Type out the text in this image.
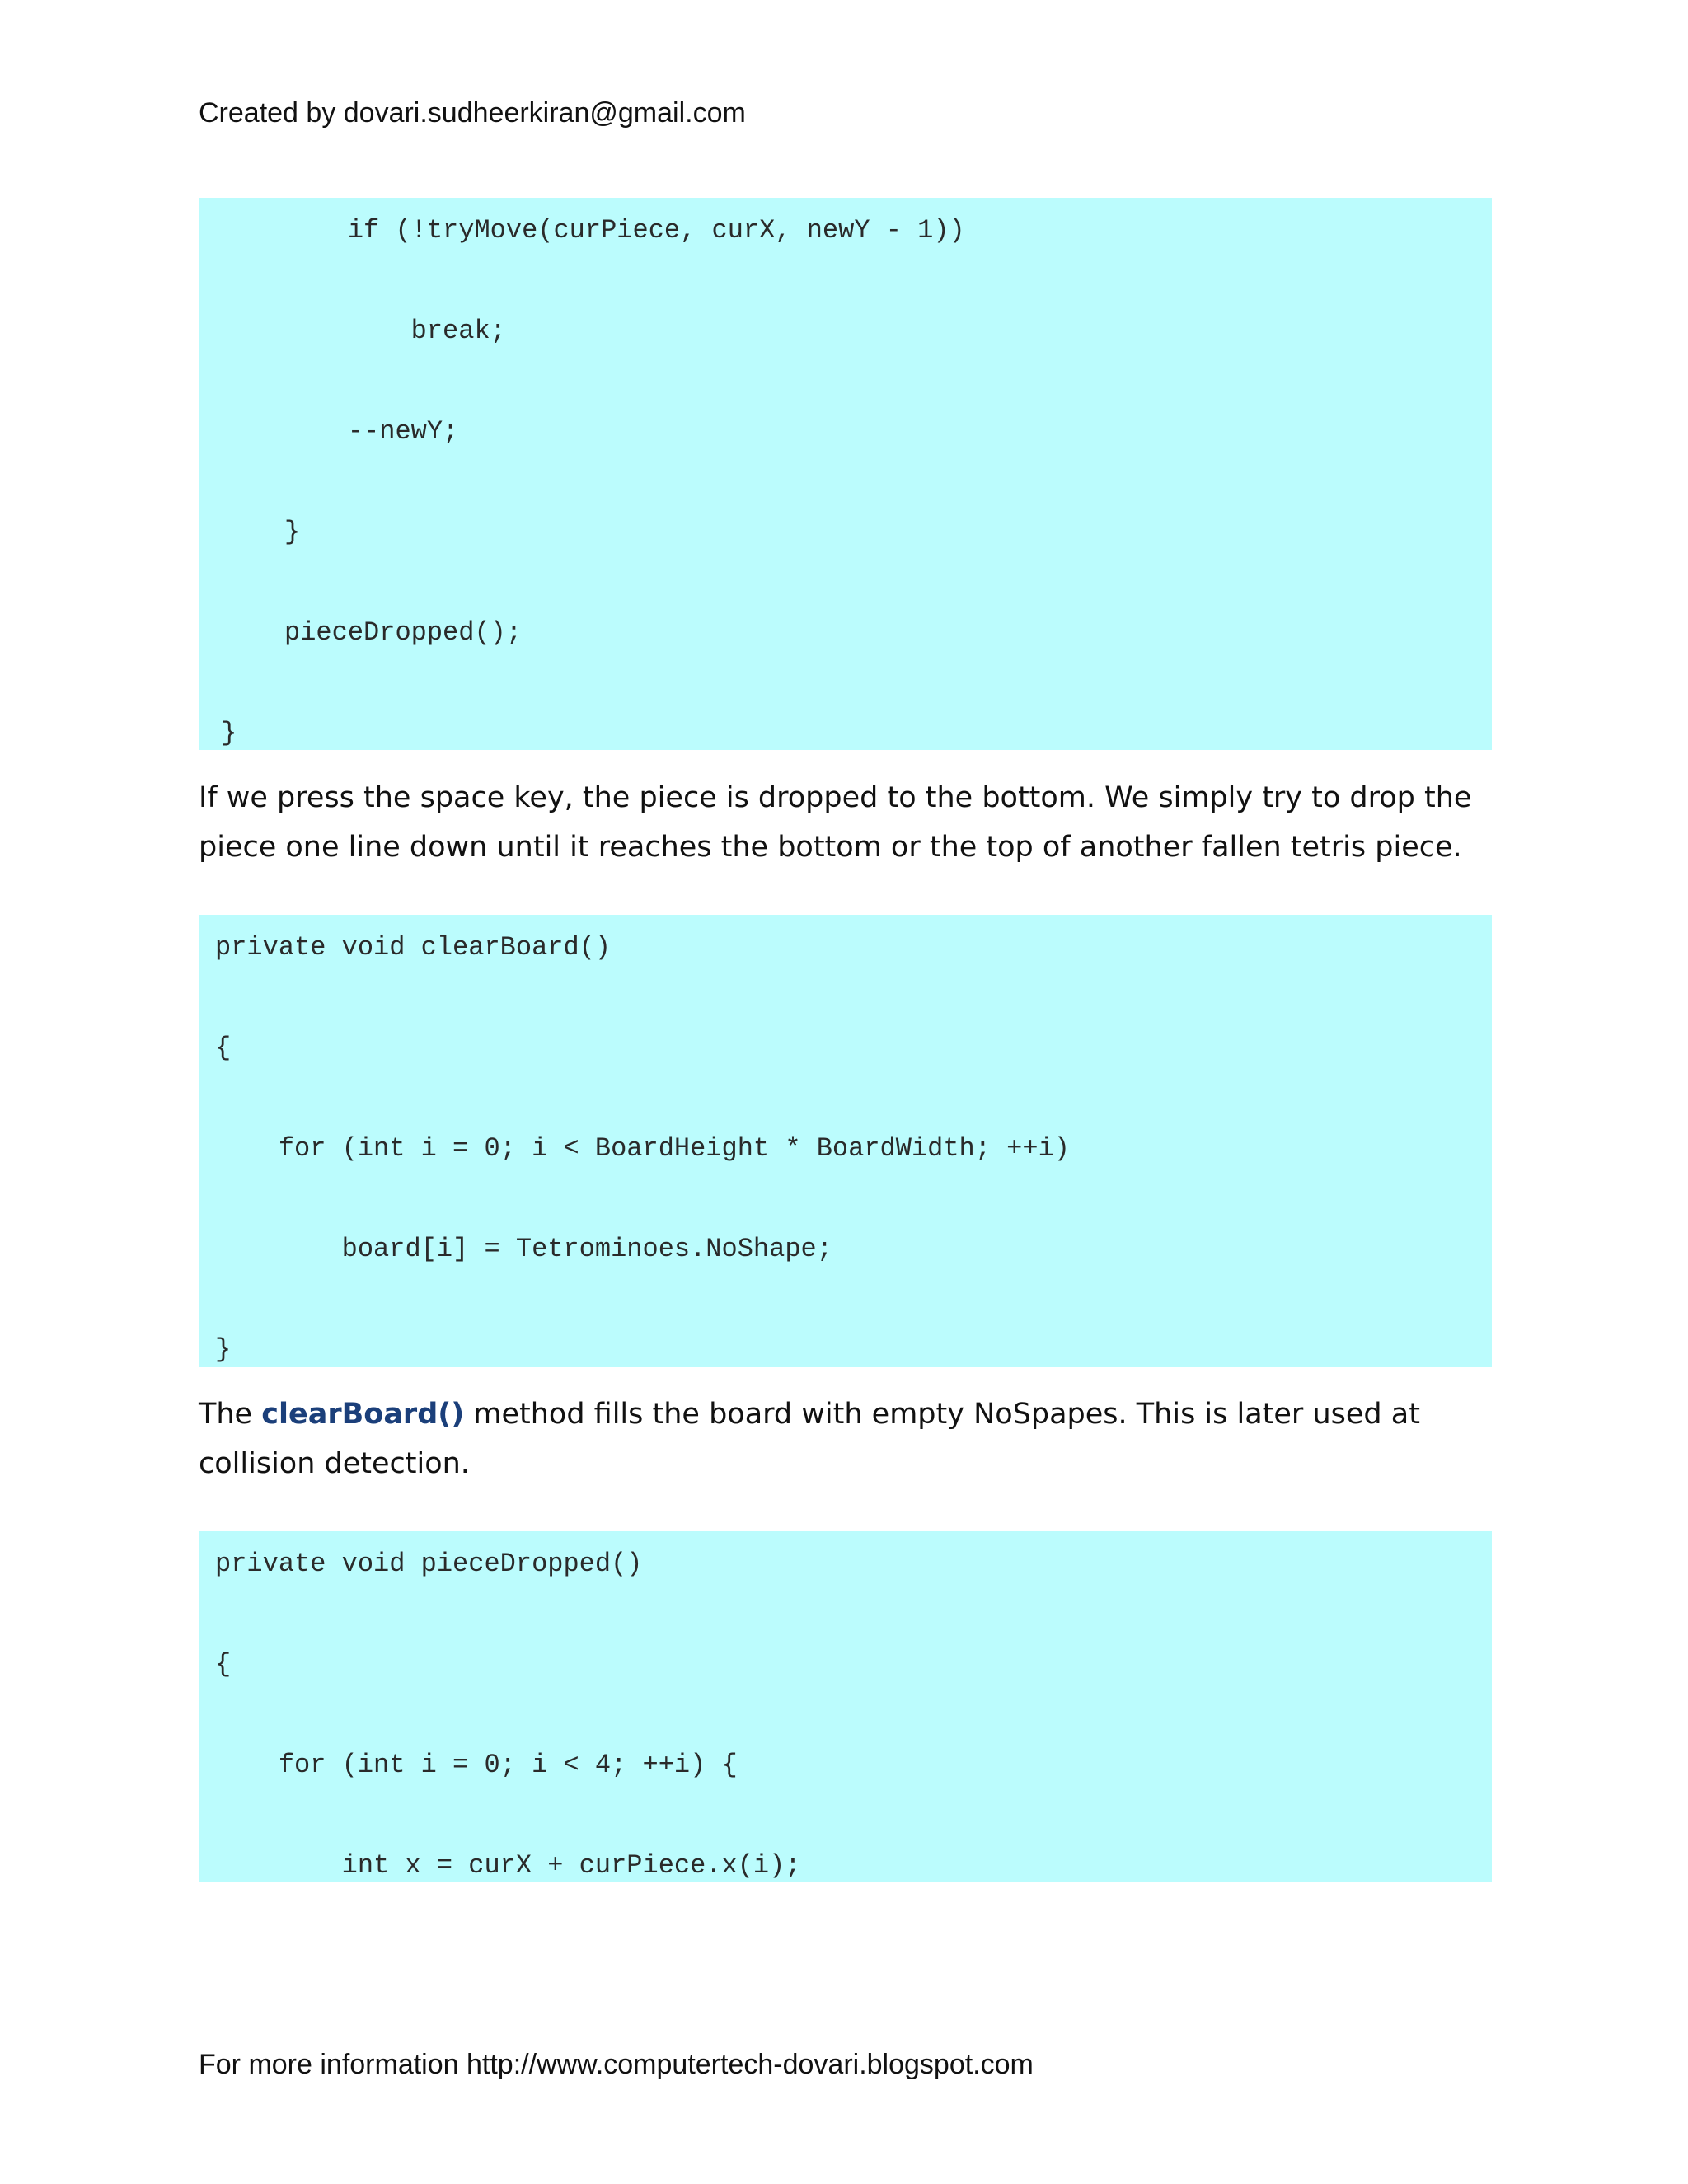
Created by dovari.sudheerkiran@gmail.com
if (!tryMove(curPiece, curX, newY - 1))
break;
--newY;
}
pieceDropped();
}
If we press the space key, the piece is dropped to the bottom. We simply try to drop the piece one line down until it reaches the bottom or the top of another fallen tetris piece.
private void clearBoard()
{
for (int i = 0; i < BoardHeight * BoardWidth; ++i)
board[i] = Tetrominoes.NoShape;
}
The clearBoard() method fills the board with empty NoSpapes. This is later used at collision detection.
private void pieceDropped()
{
for (int i = 0; i < 4; ++i) {
int x = curX + curPiece.x(i);
For more information http://www.computertech-dovari.blogspot.com
